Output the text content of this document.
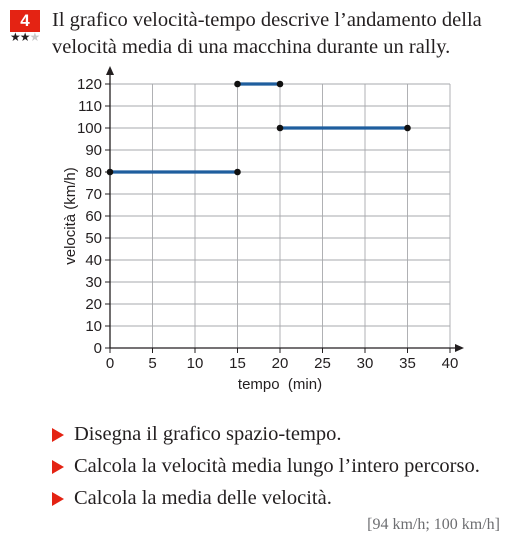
4
★★★

Il grafico velocità-tempo descrive l’andamento della velocità media di una macchina durante un rally.

0 5 10 15 20 25 30 35 40
0
10
20
30
40
50
60
70
80
90
100
110
120
tempo  (min)
velocità (km/h)
Disegna il grafico spazio-tempo.
Calcola la velocità media lungo l’intero percorso.
Calcola la media delle velocità.
[94 km/h; 100 km/h]
